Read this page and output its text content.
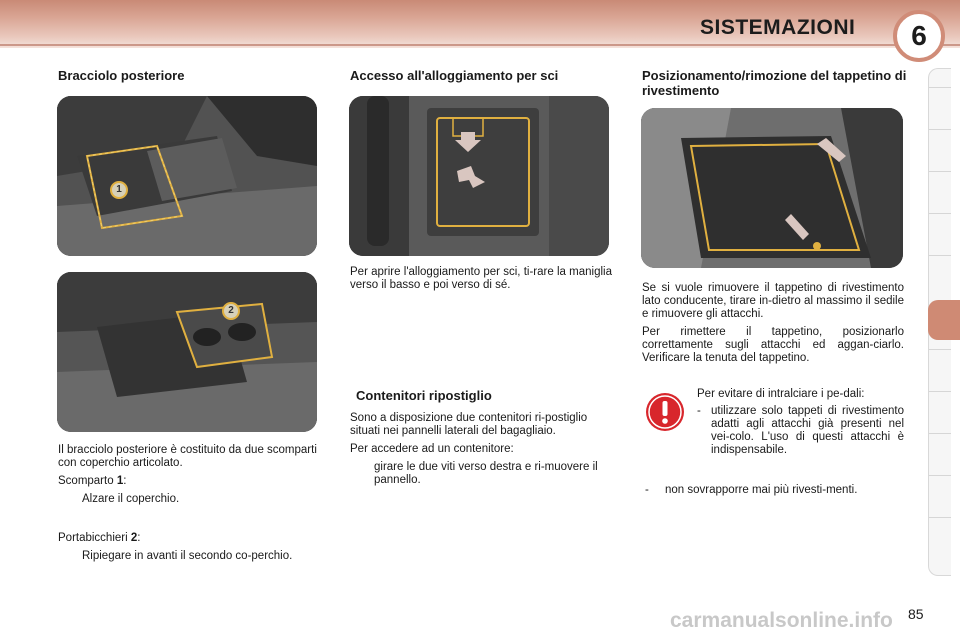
SISTEMAZIONI	6
Bracciolo posteriore
1
2

Il bracciolo posteriore è costituito da due scomparti con coperchio articolato.

Scomparto 1:

Alzare il coperchio.

Portabicchieri 2:

Ripiegare in avanti il secondo co-perchio.
Accesso all'alloggiamento per sci
Per aprire l'alloggiamento per sci, ti-rare la maniglia verso il basso e poi verso di sé.
Contenitori ripostiglio

Sono a disposizione due contenitori ri-postiglio situati nei pannelli laterali del bagagliaio.

Per accedere ad un contenitore:

girare le due viti verso destra e ri-muovere il pannello.
Posizionamento/rimozione del tappetino di rivestimento

Se si vuole rimuovere il tappetino di rivestimento lato conducente, tirare in-dietro al massimo il sedile e rimuovere gli attacchi.

Per rimettere il tappetino, posizionarlo correttamente sugli attacchi ed aggan-ciarlo. Verificare la tenuta del tappetino.

Per evitare di intralciare i pe-dali:

- utilizzare solo tappeti di rivestimento adatti agli attacchi già presenti nel vei-colo. L'uso di questi attacchi è indispensabile.
-	non sovrapporre mai più rivesti-menti.
carmanualsonline.info 85
